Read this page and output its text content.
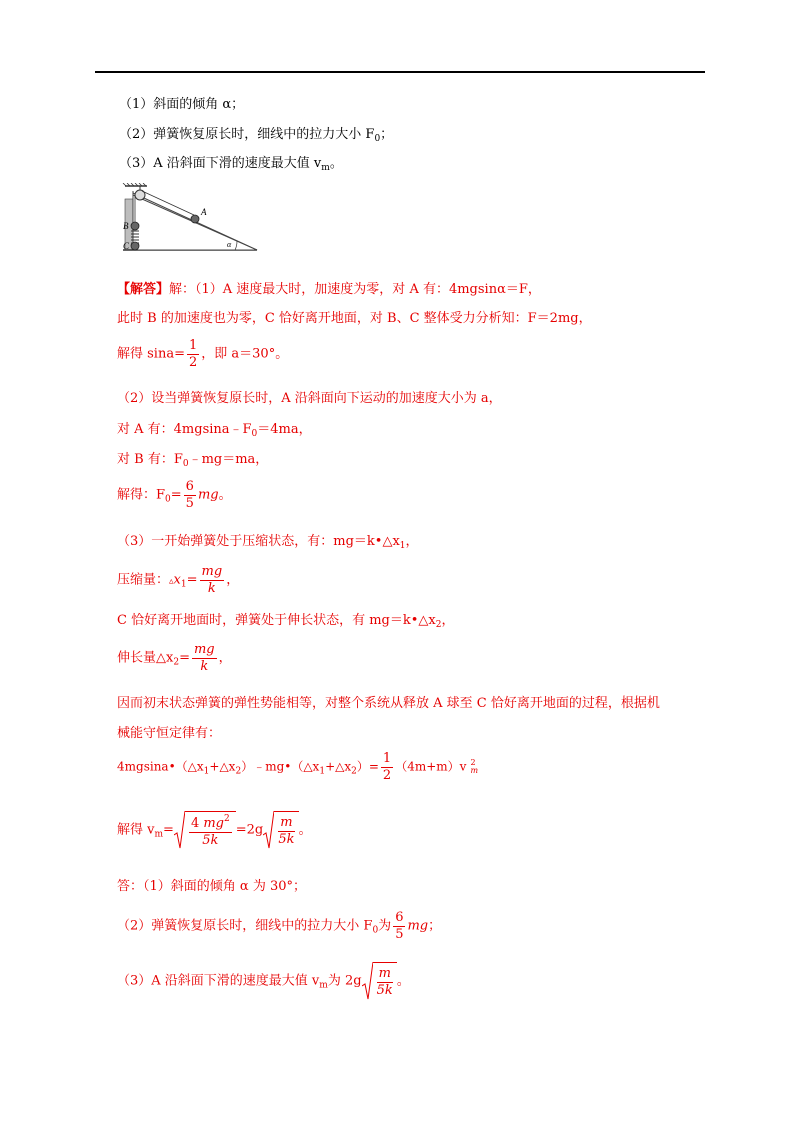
（1）斜面的倾角 α；
（2）弹簧恢复原长时，细线中的拉力大小 $F_0$；
（3）A 沿斜面下滑的速度最大值 $v_m$。
A
B
C	α
【解答】解：（1）A 速度最大时，加速度为零，对 A 有：4mgsinα＝F，
此时 B 的加速度也为零，C 恰好离开地面，对 B、C 整体受力分析知：F＝2mg，
解得 $\sin a= \frac{1}{2}$ ，即 a＝30°。
（2）设当弹簧恢复原长时，A 沿斜面向下运动的加速度大小为 a，
对 A 有：$4mgsina﹣F_0=4ma$，
对 B 有：$F_0﹣mg=ma$，
解得：$F_0= \frac{6}{5}$ mg。
（3）一开始弹簧处于压缩状态，有：$mg=k•\triangle x_1$，
压缩量：$▵x_1= \frac{mg}{k}$ ，
C 恰好离开地面时，弹簧处于伸长状态，有 $mg=k•\triangle x_2$，
伸长量$\triangle x_2= \frac{mg}{k}$ ，
因而初末状态弹簧的弹性势能相等，对整个系统从释放 A 球至 C 恰好离开地面的过程，根据机
械能守恒定律有：
$4mgsina•(\triangle x_1+\triangle x_2)﹣mg•(\triangle x_1+\triangle x_2)= \frac{1}{2} (4m+m)v$ 2
m
解得 $v_m= \frac{4 mg^2}{5k} =2g \frac{m}{5k}$ 。
答：（1）斜面的倾角 α 为 30°；
（2）弹簧恢复原长时，细线中的拉力大小 $F_0$为 $\frac{6}{5}$ mg；
（3）A 沿斜面下滑的速度最大值 $v_m$为 $2g \frac{m}{5k}$ 。
